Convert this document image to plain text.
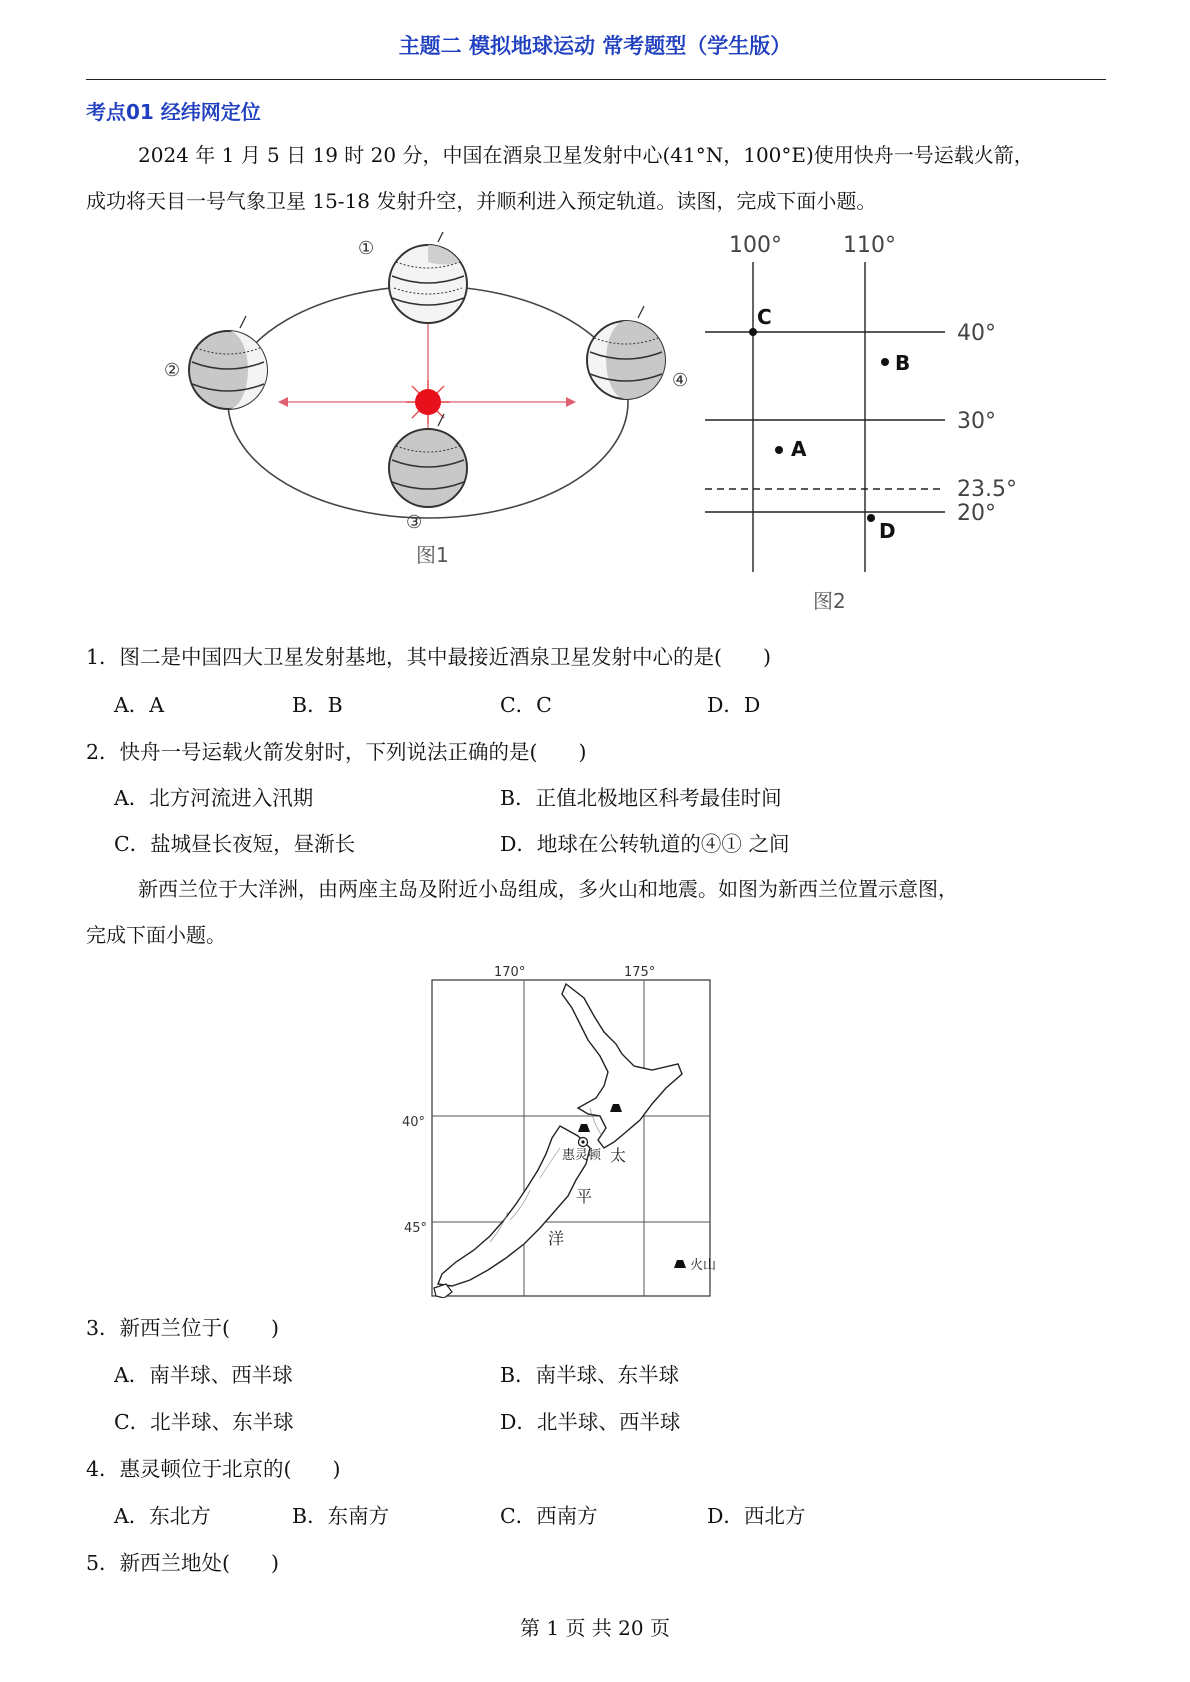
主题二 模拟地球运动 常考题型（学生版）
考点01 经纬网定位
2024 年 1 月 5 日 19 时 20 分，中国在酒泉卫星发射中心(41°N，100°E)使用快舟一号运载火箭，
成功将天目一号气象卫星 15-18 发射升空，并顺利进入预定轨道。读图，完成下面小题。
①
②
③
④
图1
100°	110°
40°
30°
23.5°
20°
C
B
A
D
图2
1．图二是中国四大卫星发射基地，其中最接近酒泉卫星发射中心的是(　　)
A．A	B．B	C．C	D．D
2．快舟一号运载火箭发射时，下列说法正确的是(　　)
A．北方河流进入汛期	B．正值北极地区科考最佳时间
C．盐城昼长夜短，昼渐长	D．地球在公转轨道的④① 之间
新西兰位于大洋洲，由两座主岛及附近小岛组成，多火山和地震。如图为新西兰位置示意图，
完成下面小题。
170°	175°
40°
45°
惠灵顿 太
平
洋
火山
3．新西兰位于(　　)
A．南半球、西半球	B．南半球、东半球
C．北半球、东半球	D．北半球、西半球
4．惠灵顿位于北京的(　　)
A．东北方	B．东南方	C．西南方	D．西北方
5．新西兰地处(　　)
第 1 页 共 20 页
